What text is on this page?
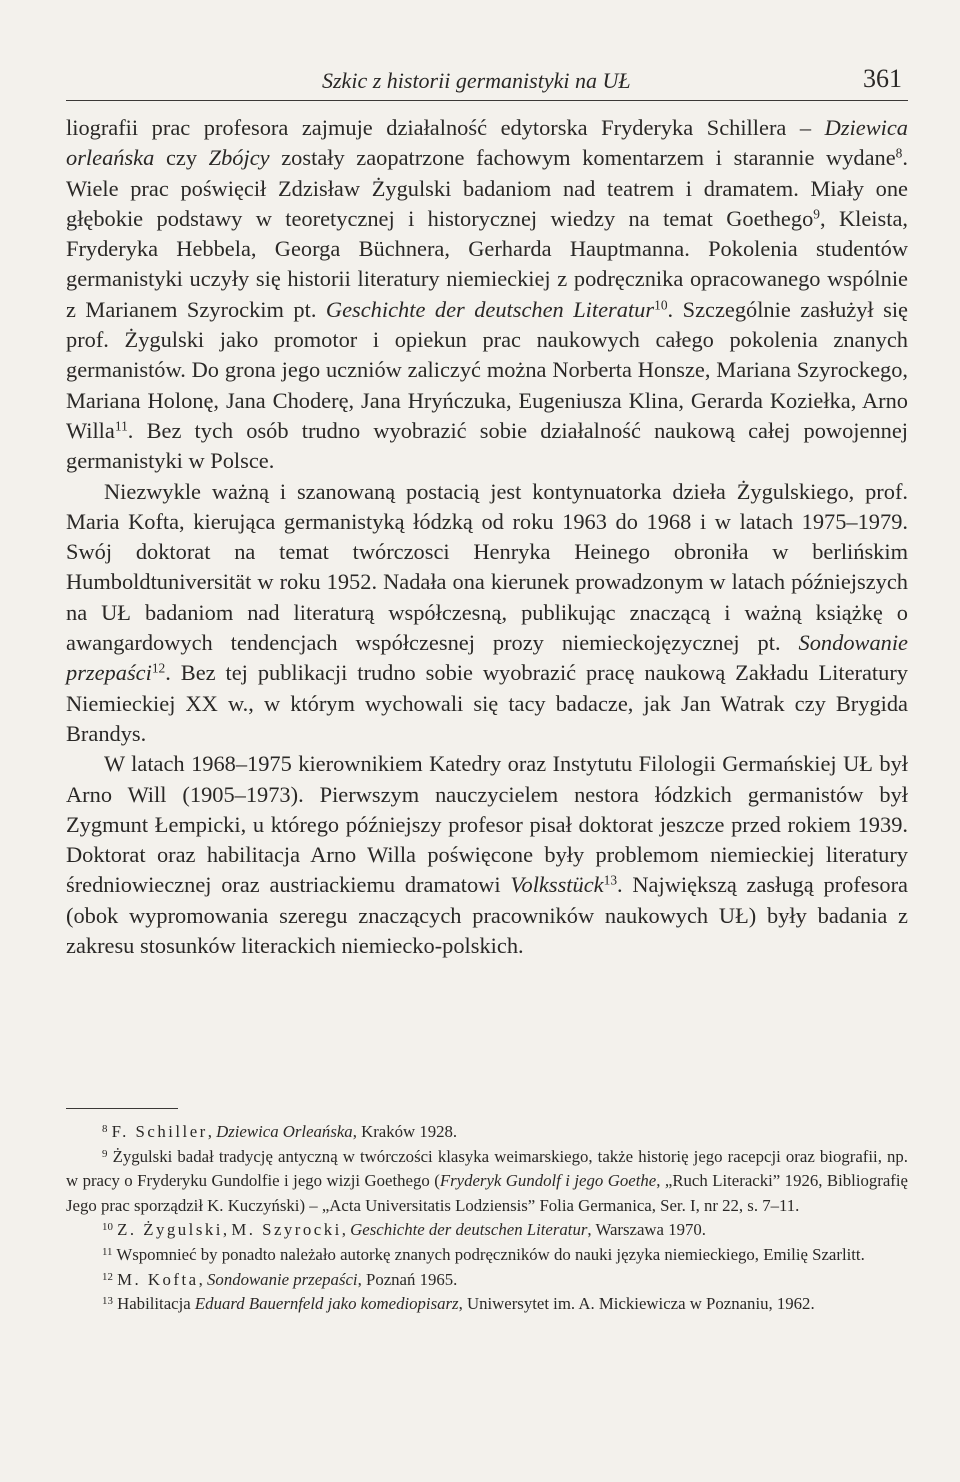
Szkic z historii germanistyki na UŁ	361

liografii prac profesora zajmuje działalność edytorska Fryderyka Schillera – Dziewica orleańska czy Zbójcy zostały zaopatrzone fachowym komentarzem i starannie wydane$^8$. Wiele prac poświęcił Zdzisław Żygulski badaniom nad teatrem i dramatem. Miały one głębokie podstawy w teoretycznej i historycznej wiedzy na temat Goethego$^9$, Kleista, Fryderyka Hebbela, Georga Büchnera, Gerharda Hauptmanna. Pokolenia studentów germanistyki uczyły się historii literatury niemieckiej z podręcznika opracowanego wspólnie z Marianem Szyrockim pt. Geschichte der deutschen Literatur$^{10}$. Szczególnie zasłużył się prof. Żygulski jako promotor i opiekun prac naukowych całego pokolenia znanych germanistów. Do grona jego uczniów zaliczyć można Norberta Honsze, Mariana Szyrockego, Mariana Holonę, Jana Choderę, Jana Hryńczuka, Eugeniusza Klina, Gerarda Koziełka, Arno Willa$^{11}$. Bez tych osób trudno wyobrazić sobie działalność naukową całej powojennej germanistyki w Polsce.

Niezwykle ważną i szanowaną postacią jest kontynuatorka dzieła Żygulskiego, prof. Maria Kofta, kierująca germanistyką łódzką od roku 1963 do 1968 i w latach 1975–1979. Swój doktorat na temat twórczosci Henryka Heinego obroniła w berlińskim Humboldtuniversität w roku 1952. Nadała ona kierunek prowadzonym w latach późniejszych na UŁ badaniom nad literaturą współczesną, publikując znaczącą i ważną książkę o awangardowych tendencjach współczesnej prozy niemieckojęzycznej pt. Sondowanie przepaści$^{12}$. Bez tej publikacji trudno sobie wyobrazić pracę naukową Zakładu Literatury Niemieckiej XX w., w którym wychowali się tacy badacze, jak Jan Watrak czy Brygida Brandys.

W latach 1968–1975 kierownikiem Katedry oraz Instytutu Filologii Germańskiej UŁ był Arno Will (1905–1973). Pierwszym nauczycielem nestora łódzkich germanistów był Zygmunt Łempicki, u którego późniejszy profesor pisał doktorat jeszcze przed rokiem 1939. Doktorat oraz habilitacja Arno Willa poświęcone były problemom niemieckiej literatury średniowiecznej oraz austriackiemu dramatowi Volksstück$^{13}$. Największą zasługą profesora (obok wypromowania szeregu znaczących pracowników naukowych UŁ) były badania z zakresu stosunków literackich niemiecko-polskich.

$^8$ F. Schiller, Dziewica Orleańska, Kraków 1928.

$^9$ Żygulski badał tradycję antyczną w twórczości klasyka weimarskiego, także historię jego racepcji oraz biografii, np. w pracy o Fryderyku Gundolfie i jego wizji Goethego (Fryderyk Gundolf i jego Goethe, „Ruch Literacki” 1926, Bibliografię Jego prac sporządził K. Kuczyński) – „Acta Universitatis Lodziensis” Folia Germanica, Ser. I, nr 22, s. 7–11.

$^{10}$ Z. Żygulski, M. Szyrocki, Geschichte der deutschen Literatur, Warszawa 1970.

$^{11}$ Wspomnieć by ponadto należało autorkę znanych podręczników do nauki języka niemieckiego, Emilię Szarlitt.

$^{12}$ M. Kofta, Sondowanie przepaści, Poznań 1965.

$^{13}$ Habilitacja Eduard Bauernfeld jako komediopisarz, Uniwersytet im. A. Mickiewicza w Poznaniu, 1962.
